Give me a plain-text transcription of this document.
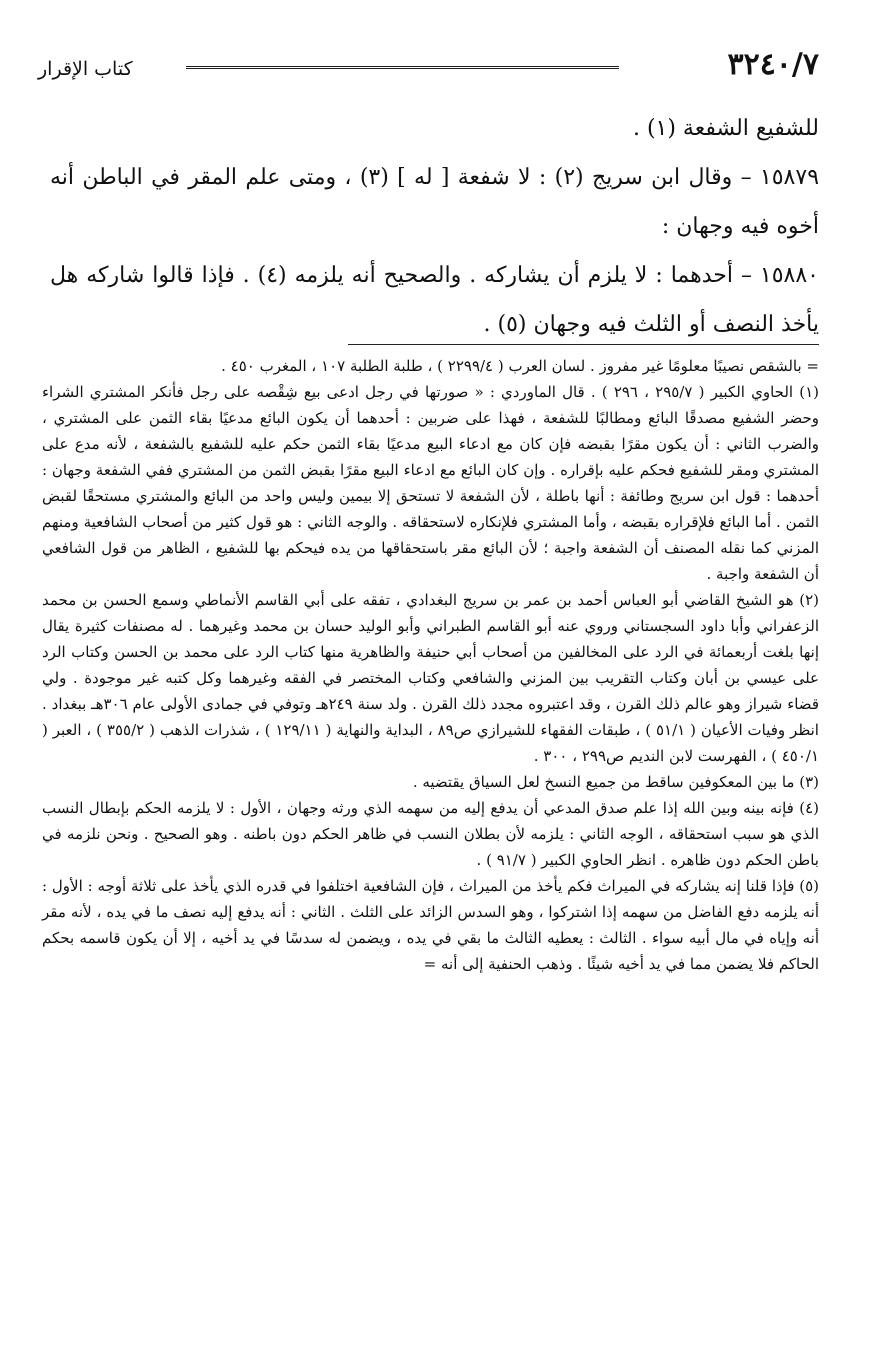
٣٢٤٠/٧
كتاب الإقرار

للشفيع الشفعة (١) .

١٥٨٧٩ – وقال ابن سريج (٢) : لا شفعة [ له ] (٣) ، ومتى علم المقر في الباطن أنه أخوه فيه وجهان :

١٥٨٨٠ – أحدهما : لا يلزم أن يشاركه . والصحيح أنه يلزمه (٤) . فإذا قالوا شاركه هل يأخذ النصف أو الثلث فيه وجهان (٥) .

= بالشقص نصيبًا معلومًا غير مفروز . لسان العرب ( ٢٢٩٩/٤ ) ، طلبة الطلبة ١٠٧ ، المغرب ٤٥٠ .

(١) الحاوي الكبير ( ٢٩٥/٧ ، ٢٩٦ ) . قال الماوردي : « صورتها في رجل ادعى بيع شِقْصه على رجل فأنكر المشتري الشراء وحضر الشفيع مصدقًا البائع ومطالبًا للشفعة ، فهذا على ضربين : أحدهما أن يكون البائع مدعيًا بقاء الثمن على المشتري ، والضرب الثاني : أن يكون مقرًا بقبضه فإن كان مع ادعاء البيع مدعيًا بقاء الثمن حكم عليه للشفيع بالشفعة ، لأنه مدع على المشتري ومقر للشفيع فحكم عليه بإقراره . وإن كان البائع مع ادعاء البيع مقرًا بقبض الثمن من المشتري ففي الشفعة وجهان : أحدهما : قول ابن سريج وطائفة : أنها باطلة ، لأن الشفعة لا تستحق إلا بيمين وليس واحد من البائع والمشتري مستحقًا لقبض الثمن . أما البائع فلإقراره بقبضه ، وأما المشتري فلإنكاره لاستحقاقه . والوجه الثاني : هو قول كثير من أصحاب الشافعية ومنهم المزني كما نقله المصنف أن الشفعة واجبة ؛ لأن البائع مقر باستحقاقها من يده فيحكم بها للشفيع ، الظاهر من قول الشافعي أن الشفعة واجبة .

(٢) هو الشيخ القاضي أبو العباس أحمد بن عمر بن سريج البغدادي ، تفقه على أبي القاسم الأنماطي وسمع الحسن بن محمد الزعفراني وأبا داود السجستاني وروي عنه أبو القاسم الطبراني وأبو الوليد حسان بن محمد وغيرهما . له مصنفات كثيرة يقال إنها بلغت أربعمائة في الرد على المخالفين من أصحاب أبي حنيفة والظاهرية منها كتاب الرد على محمد بن الحسن وكتاب الرد على عيسي بن أبان وكتاب التقريب بين المزني والشافعي وكتاب المختصر في الفقه وغيرهما وكل كتبه غير موجودة . ولي قضاء شيراز وهو عالم ذلك القرن ، وقد اعتبروه مجدد ذلك القرن . ولد سنة ٢٤٩هـ وتوفي في جمادى الأولى عام ٣٠٦هـ ببغداد . انظر وفيات الأعيان ( ٥١/١ ) ، طبقات الفقهاء للشيرازي ص٨٩ ، البداية والنهاية ( ١٢٩/١١ ) ، شذرات الذهب ( ٣٥٥/٢ ) ، العبر ( ٤٥٠/١ ) ، الفهرست لابن النديم ص٢٩٩ ، ٣٠٠ .

(٣) ما بين المعكوفين ساقط من جميع النسخ لعل السياق يقتضيه .

(٤) فإنه بينه وبين الله إذا علم صدق المدعي أن يدفع إليه من سهمه الذي ورثه وجهان ، الأول : لا يلزمه الحكم بإبطال النسب الذي هو سبب استحقاقه ، الوجه الثاني : يلزمه لأن بطلان النسب في ظاهر الحكم دون باطنه . وهو الصحيح . ونحن نلزمه في باطن الحكم دون ظاهره . انظر الحاوي الكبير ( ٩١/٧ ) .

(٥) فإذا قلنا إنه يشاركه في الميراث فكم يأخذ من الميراث ، فإن الشافعية اختلفوا في قدره الذي يأخذ على ثلاثة أوجه : الأول : أنه يلزمه دفع الفاضل من سهمه إذا اشتركوا ، وهو السدس الزائد على الثلث . الثاني : أنه يدفع إليه نصف ما في يده ، لأنه مقر أنه وإياه في مال أبيه سواء . الثالث : يعطيه الثالث ما بقي في يده ، ويضمن له سدسًا في يد أخيه ، إلا أن يكون قاسمه بحكم الحاكم فلا يضمن مما في يد أخيه شيئًا . وذهب الحنفية إلى أنه =
